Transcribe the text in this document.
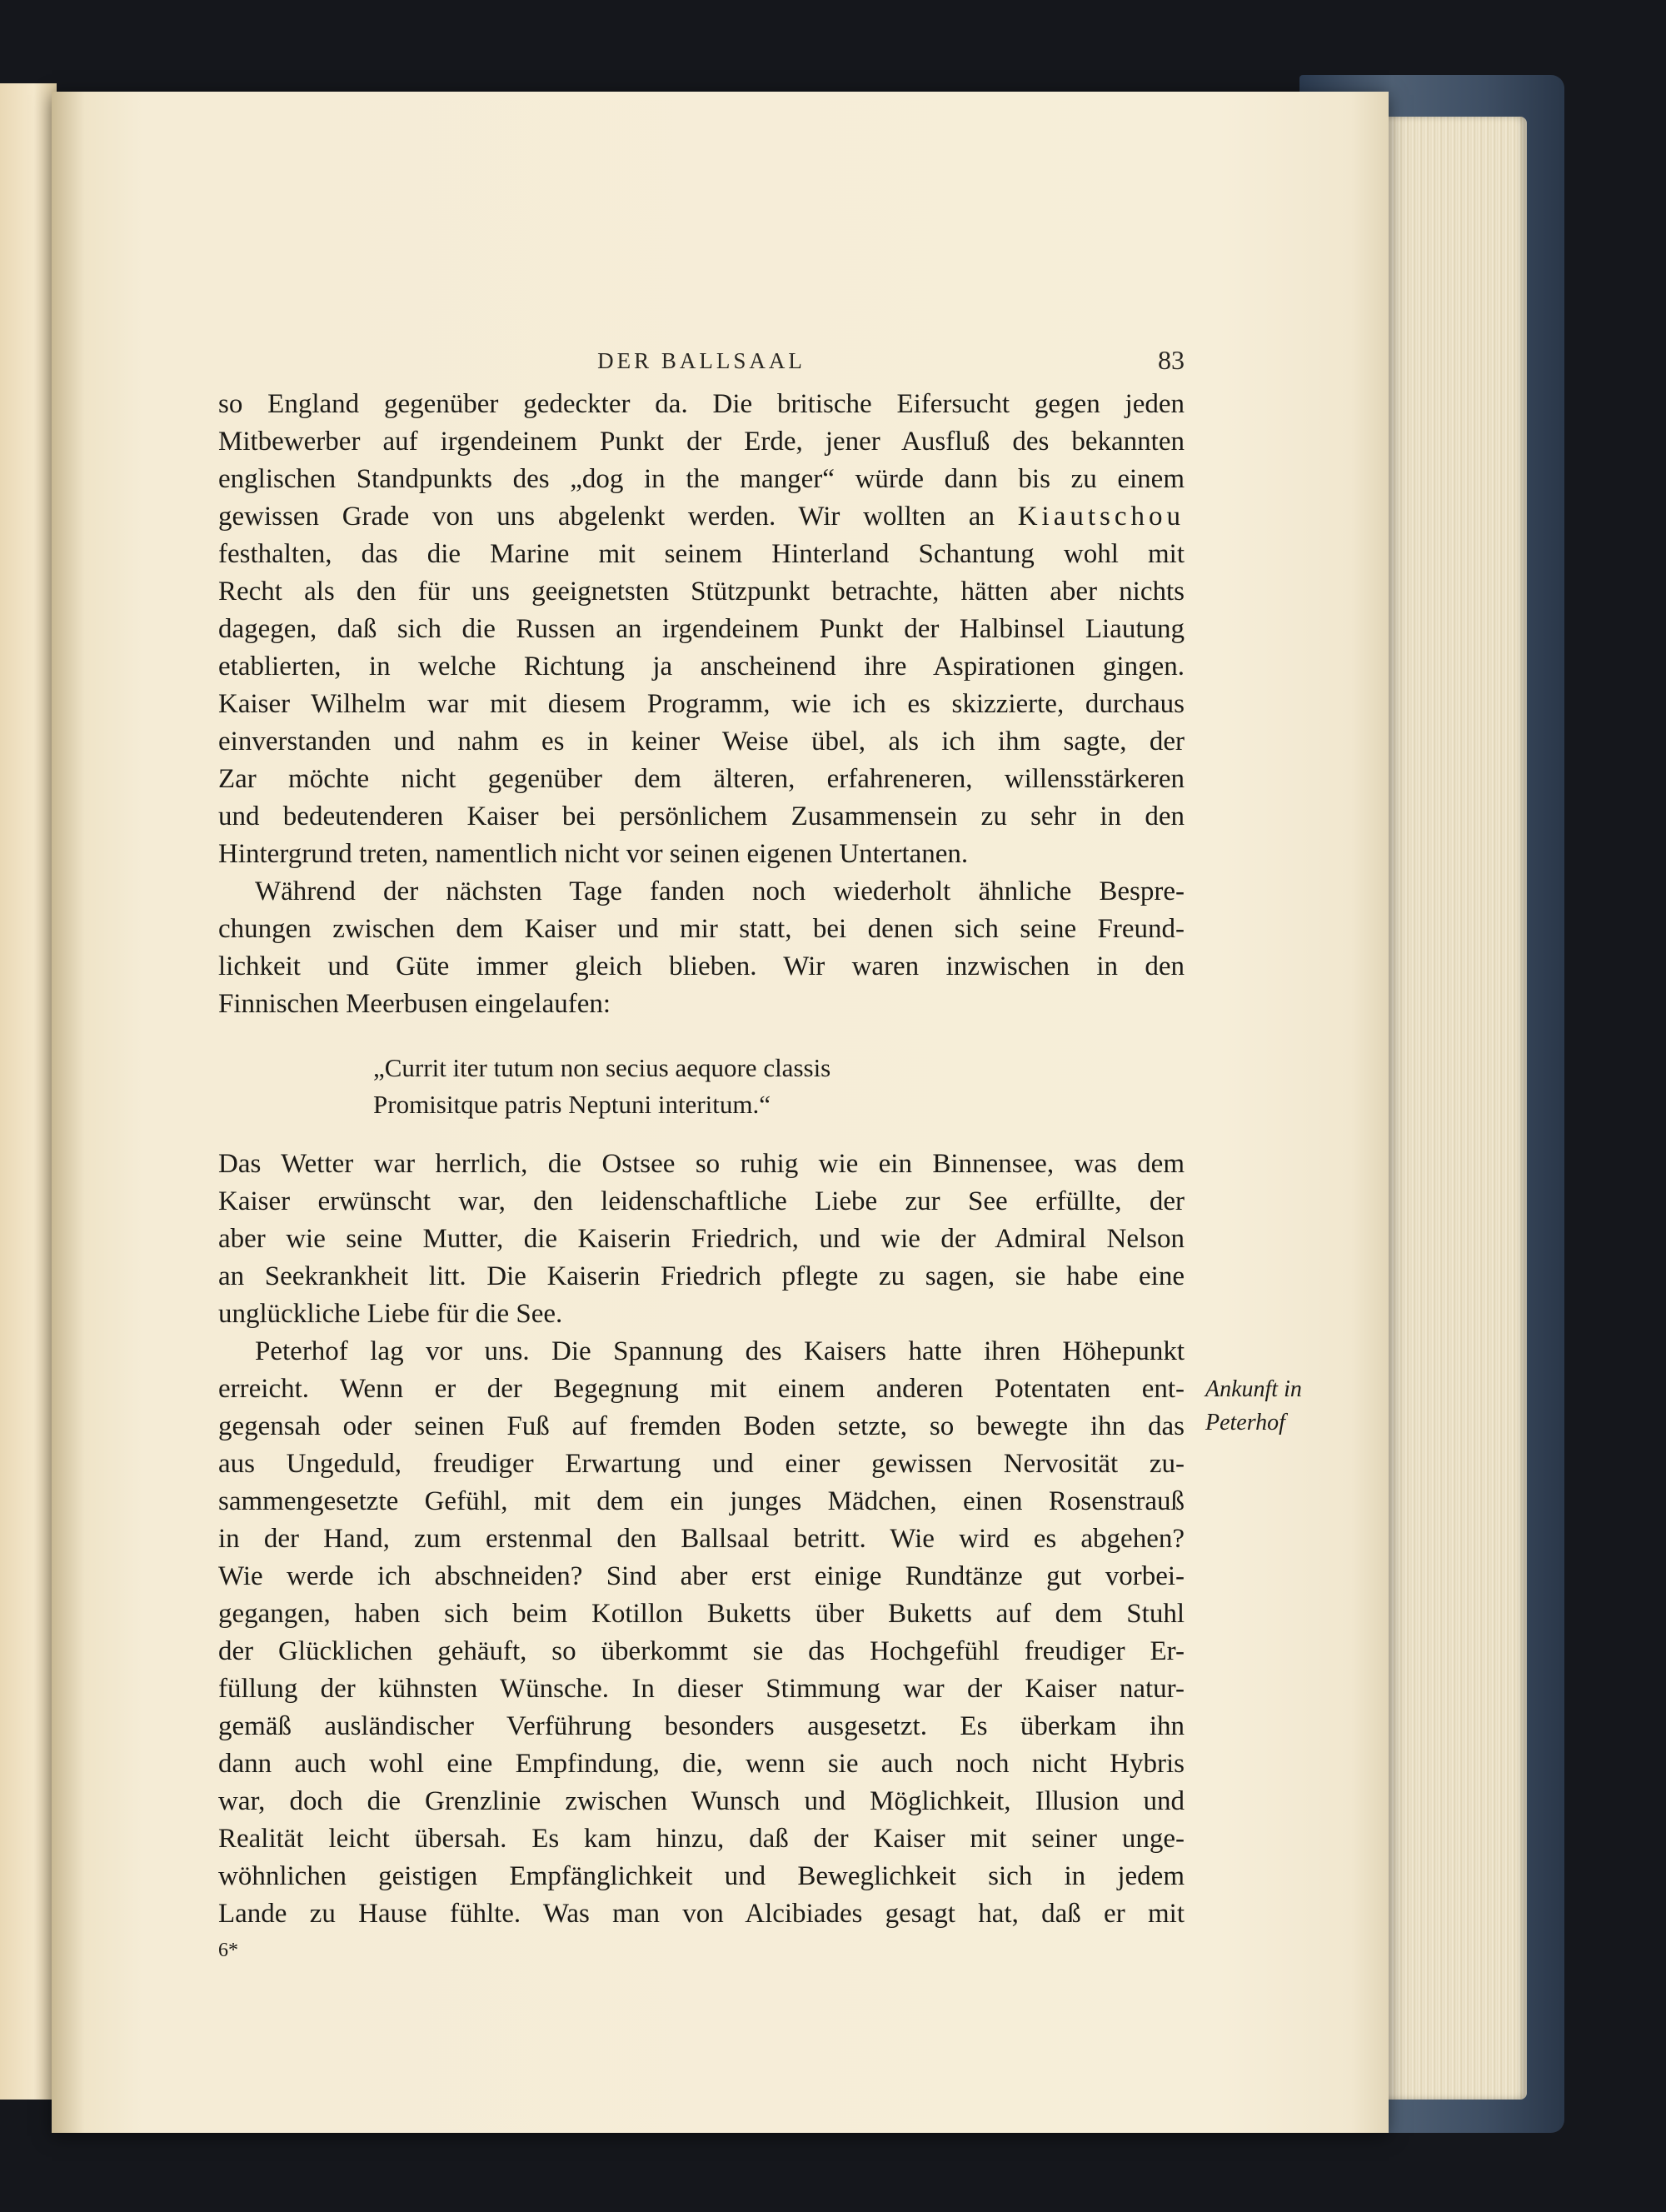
DER BALLSAAL	83
so England gegenüber gedeckter da. Die britische Eifersucht gegen jeden
Mitbewerber auf irgendeinem Punkt der Erde, jener Ausfluß des bekannten
englischen Standpunkts des „dog in the manger“ würde dann bis zu einem
gewissen Grade von uns abgelenkt werden. Wir wollten an Kiautschou
festhalten, das die Marine mit seinem Hinterland Schantung wohl mit
Recht als den für uns geeignetsten Stützpunkt betrachte, hätten aber nichts
dagegen, daß sich die Russen an irgendeinem Punkt der Halbinsel Liautung
etablierten, in welche Richtung ja anscheinend ihre Aspirationen gingen.
Kaiser Wilhelm war mit diesem Programm, wie ich es skizzierte, durchaus
einverstanden und nahm es in keiner Weise übel, als ich ihm sagte, der
Zar möchte nicht gegenüber dem älteren, erfahreneren, willensstärkeren
und bedeutenderen Kaiser bei persönlichem Zusammensein zu sehr in den
Hintergrund treten, namentlich nicht vor seinen eigenen Untertanen.
Während der nächsten Tage fanden noch wiederholt ähnliche Bespre-
chungen zwischen dem Kaiser und mir statt, bei denen sich seine Freund-
lichkeit und Güte immer gleich blieben. Wir waren inzwischen in den
Finnischen Meerbusen eingelaufen:
„Currit iter tutum non secius aequore classis
Promisitque patris Neptuni interitum.“
Das Wetter war herrlich, die Ostsee so ruhig wie ein Binnensee, was dem
Kaiser erwünscht war, den leidenschaftliche Liebe zur See erfüllte, der
aber wie seine Mutter, die Kaiserin Friedrich, und wie der Admiral Nelson
an Seekrankheit litt. Die Kaiserin Friedrich pflegte zu sagen, sie habe eine
unglückliche Liebe für die See.
Peterhof lag vor uns. Die Spannung des Kaisers hatte ihren Höhepunkt
erreicht. Wenn er der Begegnung mit einem anderen Potentaten ent-
gegensah oder seinen Fuß auf fremden Boden setzte, so bewegte ihn das
aus Ungeduld, freudiger Erwartung und einer gewissen Nervosität zu-
sammengesetzte Gefühl, mit dem ein junges Mädchen, einen Rosenstrauß
in der Hand, zum erstenmal den Ballsaal betritt. Wie wird es abgehen?
Wie werde ich abschneiden? Sind aber erst einige Rundtänze gut vorbei-
gegangen, haben sich beim Kotillon Buketts über Buketts auf dem Stuhl
der Glücklichen gehäuft, so überkommt sie das Hochgefühl freudiger Er-
füllung der kühnsten Wünsche. In dieser Stimmung war der Kaiser natur-
gemäß ausländischer Verführung besonders ausgesetzt. Es überkam ihn
dann auch wohl eine Empfindung, die, wenn sie auch noch nicht Hybris
war, doch die Grenzlinie zwischen Wunsch und Möglichkeit, Illusion und
Realität leicht übersah. Es kam hinzu, daß der Kaiser mit seiner unge-
wöhnlichen geistigen Empfänglichkeit und Beweglichkeit sich in jedem
Lande zu Hause fühlte. Was man von Alcibiades gesagt hat, daß er mit
Ankunft in
Peterhof
6*
